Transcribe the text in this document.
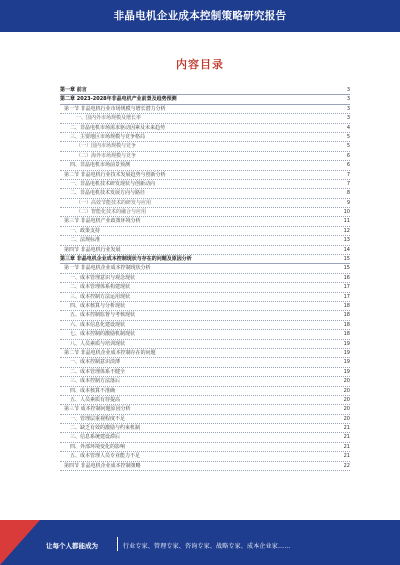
非晶电机企业成本控制策略研究报告
内容目录
第一章 前言	3
第二章 2023-2028年非晶电机产业前景及趋势预测	3
第一节 非晶电机行业市场规模与增长潜力分析	3
一、国内外市场规模及增长率	3
二、非晶电机市场需求驱动因素及未来趋势	4
三、主要地区市场规模与竞争格局	5
（一）国内市场规模与竞争	5
（二）海外市场规模与竞争	6
四、非晶电机市场前景预测	6
第二节 非晶电机行业技术发展趋势与创新分析	7
一、非晶电机技术研发现状与创新动向	7
二、非晶电机技术发展方向与路径	8
（一）高效节能技术的研发与应用	9
（二）智能化技术的融合与应用	10
第三节 非晶电机产业政策环境分析	11
一、政策支持	12
二、法规标准	13
第四节 非晶电机行业发展	14
第三章 非晶电机企业成本控制现状与存在的问题及原因分析	15
第一节 非晶电机企业成本控制现状分析	15
一、成本管理意识与观念现状	16
二、成本管理体系构建现状	17
三、成本控制方法运用现状	17
四、成本核算与分析现状	18
五、成本控制监督与考核现状	18
六、成本信息化建设现状	18
七、成本控制的激励机制现状	18
八、人员素质与培训现状	19
第二节 非晶电机企业成本控制存在的问题	19
一、成本控制意识淡薄	19
二、成本管理体系不健全	19
三、成本控制方法落后	20
四、成本核算不准确	20
五、人员素质有待提高	20
第三节 成本控制问题原因分析	20
一、管理层重视程度不足	20
二、缺乏有效的激励与约束机制	21
三、信息系统建设滞后	21
四、外部环境变化的影响	21
五、成本管理人员专业能力不足	21
第四节 非晶电机企业成本控制策略	22
让每个人都能成为	行业专家、管理专家、咨询专家、战略专家、成本企业家……
